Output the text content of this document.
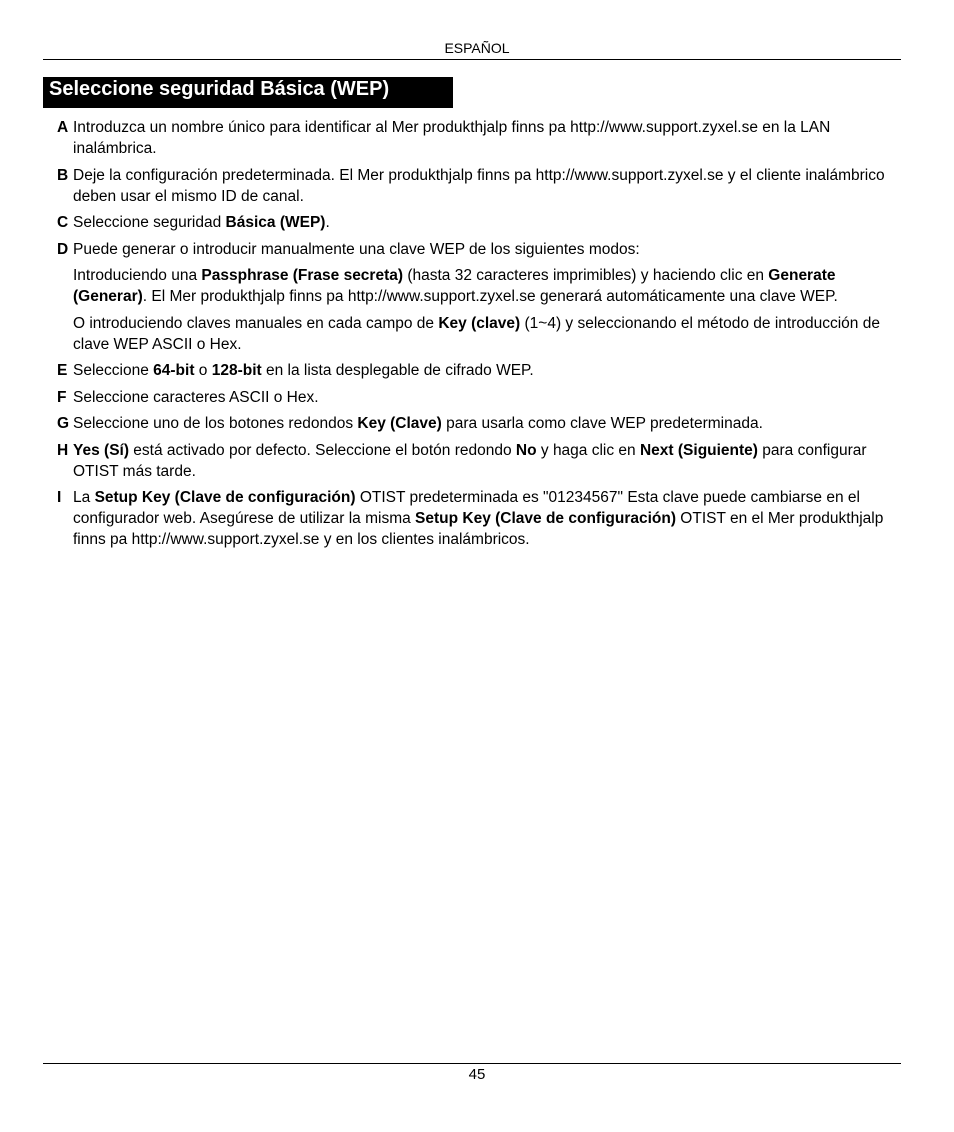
ESPAÑOL
Seleccione seguridad Básica (WEP)
A Introduzca un nombre único para identificar al Mer produkthjalp finns pa http://www.support.zyxel.se en la LAN inalámbrica.
B Deje la configuración predeterminada. El Mer produkthjalp finns pa http://www.support.zyxel.se y el cliente inalámbrico deben usar el mismo ID de canal.
C Seleccione seguridad Básica (WEP).
D Puede generar o introducir manualmente una clave WEP de los siguientes modos:
Introduciendo una Passphrase (Frase secreta) (hasta 32 caracteres imprimibles) y haciendo clic en Generate (Generar). El Mer produkthjalp finns pa http://www.support.zyxel.se generará automáticamente una clave WEP.
O introduciendo claves manuales en cada campo de Key (clave) (1~4) y seleccionando el método de introducción de clave WEP ASCII o Hex.
E Seleccione 64-bit o 128-bit en la lista desplegable de cifrado WEP.
F Seleccione caracteres ASCII o Hex.
G Seleccione uno de los botones redondos Key (Clave) para usarla como clave WEP predeterminada.
H Yes (Sí) está activado por defecto. Seleccione el botón redondo No y haga clic en Next (Siguiente) para configurar OTIST más tarde.
I La Setup Key (Clave de configuración) OTIST predeterminada es "01234567" Esta clave puede cambiarse en el configurador web. Asegúrese de utilizar la misma Setup Key (Clave de configuración) OTIST en el Mer produkthjalp finns pa http://www.support.zyxel.se y en los clientes inalámbricos.
45
